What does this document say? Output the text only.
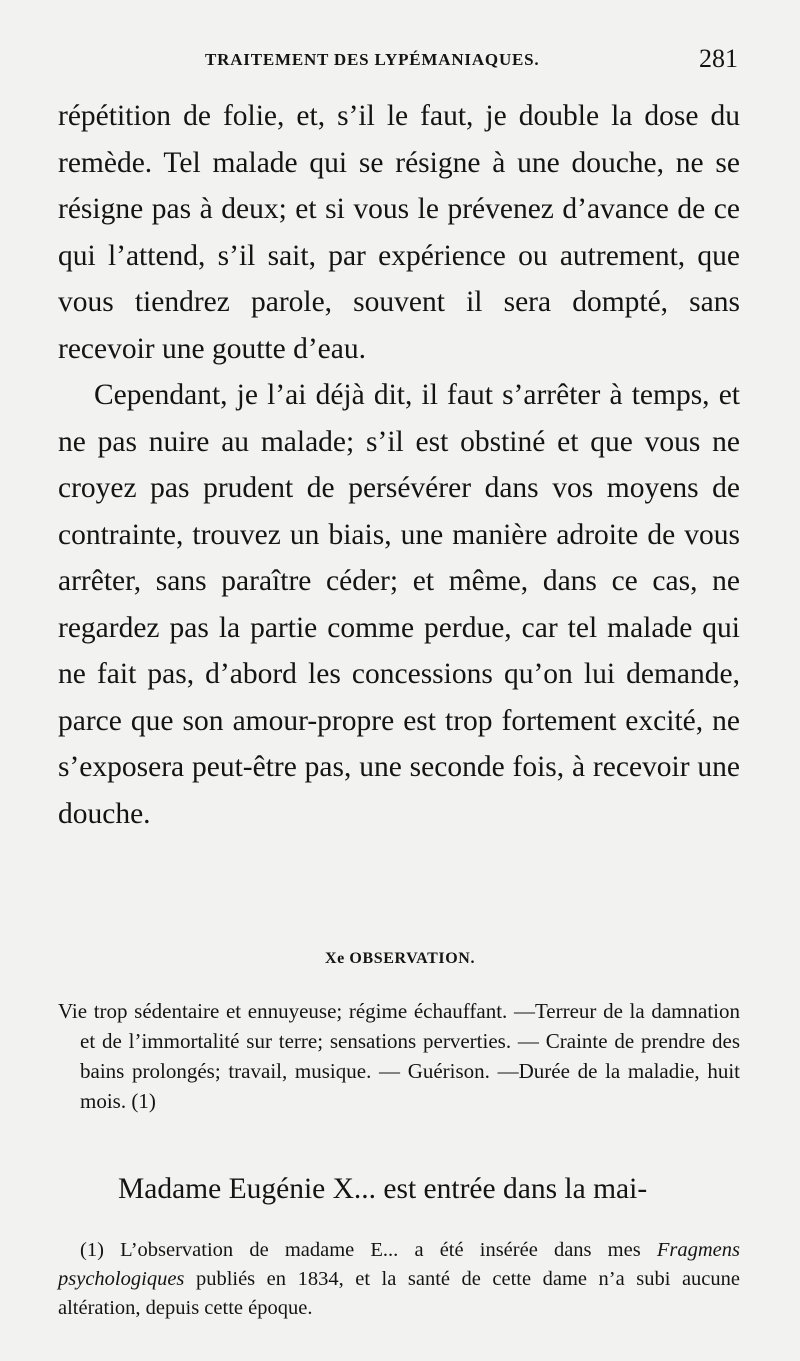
TRAITEMENT DES LYPÉMANIAQUES.	281

répétition de folie, et, s’il le faut, je double la dose du remède. Tel malade qui se résigne à une douche, ne se résigne pas à deux; et si vous le prévenez d’avance de ce qui l’attend, s’il sait, par expérience ou autrement, que vous tiendrez parole, souvent il sera dompté, sans recevoir une goutte d’eau.

Cependant, je l’ai déjà dit, il faut s’arrêter à temps, et ne pas nuire au malade; s’il est obstiné et que vous ne croyez pas prudent de persévérer dans vos moyens de contrainte, trouvez un biais, une manière adroite de vous arrêter, sans paraître céder; et même, dans ce cas, ne regardez pas la partie comme perdue, car tel malade qui ne fait pas, d’abord les concessions qu’on lui demande, parce que son amour-propre est trop fortement excité, ne s’exposera peut-être pas, une seconde fois, à recevoir une douche.

Xe OBSERVATION.
Vie trop sédentaire et ennuyeuse; régime échauffant. —Terreur de la damnation et de l’immortalité sur terre; sensations perverties. — Crainte de prendre des bains prolongés; travail, musique. — Guérison. —Durée de la maladie, huit mois. (1)
Madame Eugénie X... est entrée dans la mai-
(1) L’observation de madame E... a été insérée dans mes Fragmens psychologiques publiés en 1834, et la santé de cette dame n’a subi aucune altération, depuis cette époque.
